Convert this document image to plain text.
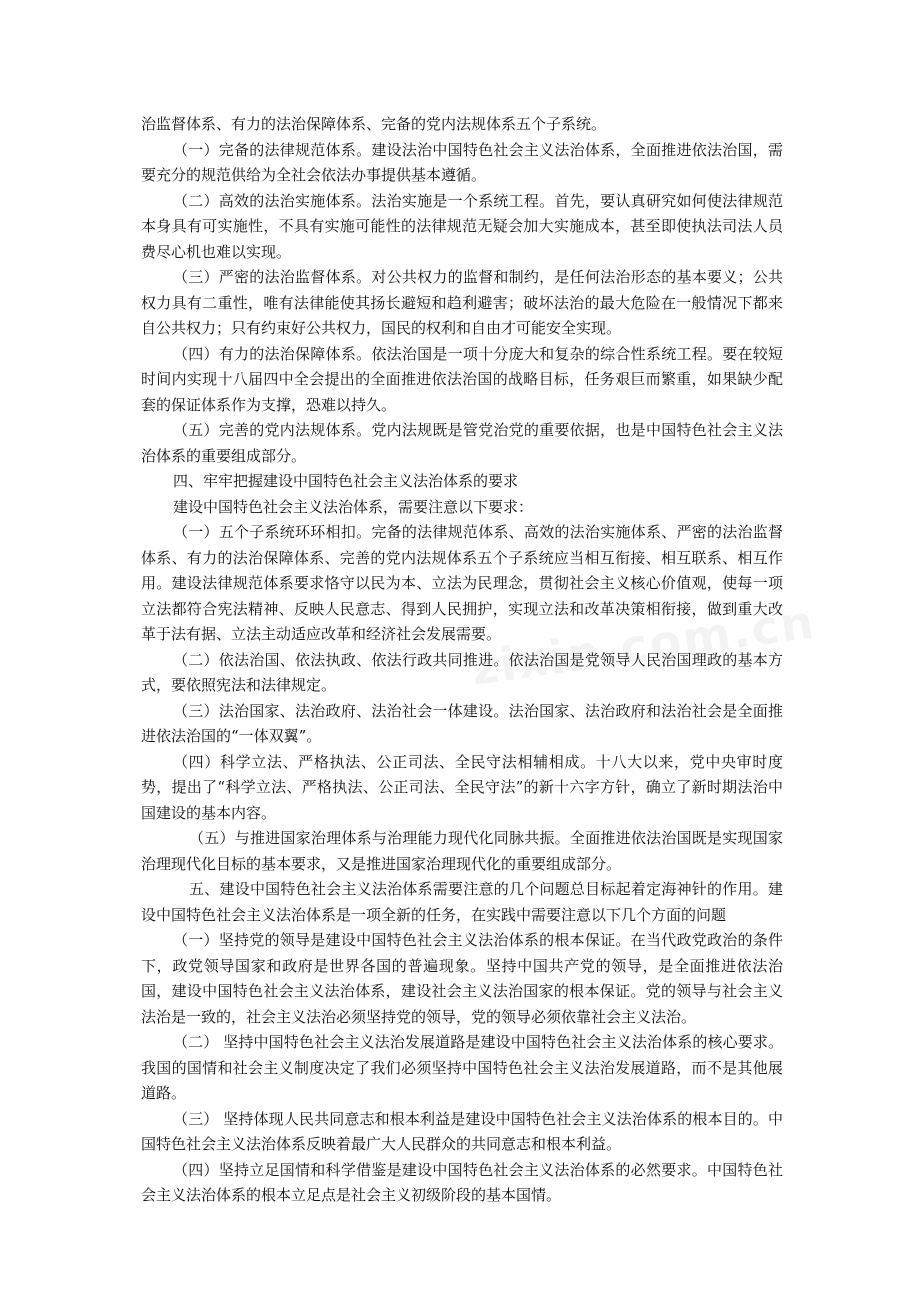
治监督体系、有力的法治保障体系、完备的党内法规体系五个子系统。

（一）完备的法律规范体系。建设法治中国特色社会主义法治体系，全面推进依法治国，需要充分的规范供给为全社会依法办事提供基本遵循。

（二）高效的法治实施体系。法治实施是一个系统工程。首先，要认真研究如何使法律规范本身具有可实施性，不具有实施可能性的法律规范无疑会加大实施成本，甚至即使执法司法人员费尽心机也难以实现。

（三）严密的法治监督体系。对公共权力的监督和制约，是任何法治形态的基本要义；公共权力具有二重性，唯有法律能使其扬长避短和趋利避害；破坏法治的最大危险在一般情况下都来自公共权力；只有约束好公共权力，国民的权利和自由才可能安全实现。

（四）有力的法治保障体系。依法治国是一项十分庞大和复杂的综合性系统工程。要在较短时间内实现十八届四中全会提出的全面推进依法治国的战略目标，任务艰巨而繁重，如果缺少配套的保证体系作为支撑，恐难以持久。

（五）完善的党内法规体系。党内法规既是管党治党的重要依据，也是中国特色社会主义法治体系的重要组成部分。

四、牢牢把握建设中国特色社会主义法治体系的要求

建设中国特色社会主义法治体系，需要注意以下要求：

（一）五个子系统环环相扣。完备的法律规范体系、高效的法治实施体系、严密的法治监督体系、有力的法治保障体系、完善的党内法规体系五个子系统应当相互衔接、相互联系、相互作用。建设法律规范体系要求恪守以民为本、立法为民理念，贯彻社会主义核心价值观，使每一项立法都符合宪法精神、反映人民意志、得到人民拥护，实现立法和改革决策相衔接，做到重大改革于法有据、立法主动适应改革和经济社会发展需要。

（二）依法治国、依法执政、依法行政共同推进。依法治国是党领导人民治国理政的基本方式，要依照宪法和法律规定。

（三）法治国家、法治政府、法治社会一体建设。法治国家、法治政府和法治社会是全面推进依法治国的“一体双翼”。

（四）科学立法、严格执法、公正司法、全民守法相辅相成。十八大以来，党中央审时度势，提出了“科学立法、严格执法、公正司法、全民守法”的新十六字方针，确立了新时期法治中国建设的基本内容。

（五）与推进国家治理体系与治理能力现代化同脉共振。全面推进依法治国既是实现国家治理现代化目标的基本要求，又是推进国家治理现代化的重要组成部分。

五、建设中国特色社会主义法治体系需要注意的几个问题总目标起着定海神针的作用。建设中国特色社会主义法治体系是一项全新的任务，在实践中需要注意以下几个方面的问题

（一）坚持党的领导是建设中国特色社会主义法治体系的根本保证。在当代政党政治的条件下，政党领导国家和政府是世界各国的普遍现象。坚持中国共产党的领导，是全面推进依法治国，建设中国特色社会主义法治体系，建设社会主义法治国家的根本保证。党的领导与社会主义法治是一致的，社会主义法治必须坚持党的领导，党的领导必须依靠社会主义法治。

（二） 坚持中国特色社会主义法治发展道路是建设中国特色社会主义法治体系的核心要求。我国的国情和社会主义制度决定了我们必须坚持中国特色社会主义法治发展道路，而不是其他展道路。

（三） 坚持体现人民共同意志和根本利益是建设中国特色社会主义法治体系的根本目的。中国特色社会主义法治体系反映着最广大人民群众的共同意志和根本利益。

（四）坚持立足国情和科学借鉴是建设中国特色社会主义法治体系的必然要求。中国特色社会主义法治体系的根本立足点是社会主义初级阶段的基本国情。
